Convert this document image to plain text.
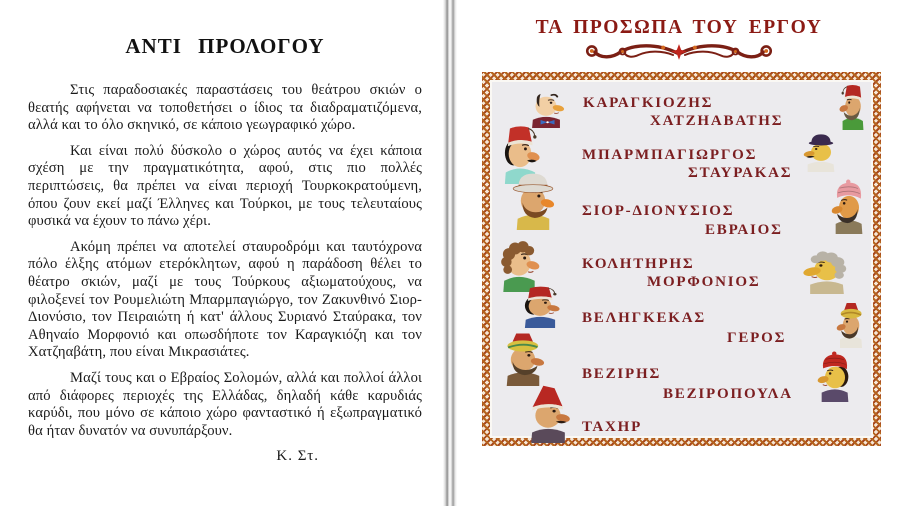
ΑΝΤΙ ΠΡΟΛΟΓΟΥ

Στις παραδοσιακές παραστάσεις του θεάτρου σκιών ο θεατής αφήνεται να τοποθετήσει ο ίδιος τα διαδραματιζόμενα, αλλά και το όλο σκηνικό, σε κάποιο γεωγραφικό χώρο.

Και είναι πολύ δύσκολο ο χώρος αυτός να έχει κάποια σχέση με την πραγματικότητα, αφού, στις πιο πολλές περιπτώσεις, θα πρέπει να είναι περιοχή Τουρκοκρατούμενη, όπου ζουν εκεί μαζί Έλληνες και Τούρκοι, με τους τελευταίους φυσικά να έχουν το πάνω χέρι.

Ακόμη πρέπει να αποτελεί σταυροδρόμι και ταυτόχρονα πόλο έλξης ατόμων ετερόκλητων, αφού η παράδοση θέλει το θέατρο σκιών, μαζί με τους Τούρκους αξιωματούχους, να φιλοξενεί τον Ρουμελιώτη Μπαρμπαγιώργο, τον Ζακυνθινό Σιορ-Διονύσιο, τον Πειραιώτη ή κατ' άλλους Συριανό Σταύρακα, τον Αθηναίο Μορφονιό και οπωσδήποτε τον Καραγκιόζη και τον Χατζηαβάτη, που είναι Μικρασιάτες.

Μαζί τους και ο Εβραίος Σολομών, αλλά και πολλοί άλλοι από διάφορες περιοχές της Ελλάδας, δηλαδή κάθε καρυδιάς καρύδι, που μόνο σε κάποιο χώρο φανταστικό ή εξωπραγματικό θα ήταν δυνατόν να συνυπάρξουν.

Κ. Στ.
ΤΑ ΠΡΟΣΩΠΑ ΤΟΥ ΕΡΓΟΥ
ΚΑΡΑΓΚΙΟΖΗΣ
ΧΑΤΖΗΑΒΑΤΗΣ
ΜΠΑΡΜΠΑΓΙΩΡΓΟΣ
ΣΤΑΥΡΑΚΑΣ
ΣΙΟΡ-ΔΙΟΝΥΣΙΟΣ
ΕΒΡΑΙΟΣ
ΚΟΛΗΤΗΡΗΣ
ΜΟΡΦΟΝΙΟΣ
ΒΕΛΗΓΚΕΚΑΣ
ΓΕΡΟΣ
ΒΕΖΙΡΗΣ
ΒΕΖΙΡΟΠΟΥΛΑ
ΤΑΧΗΡ
